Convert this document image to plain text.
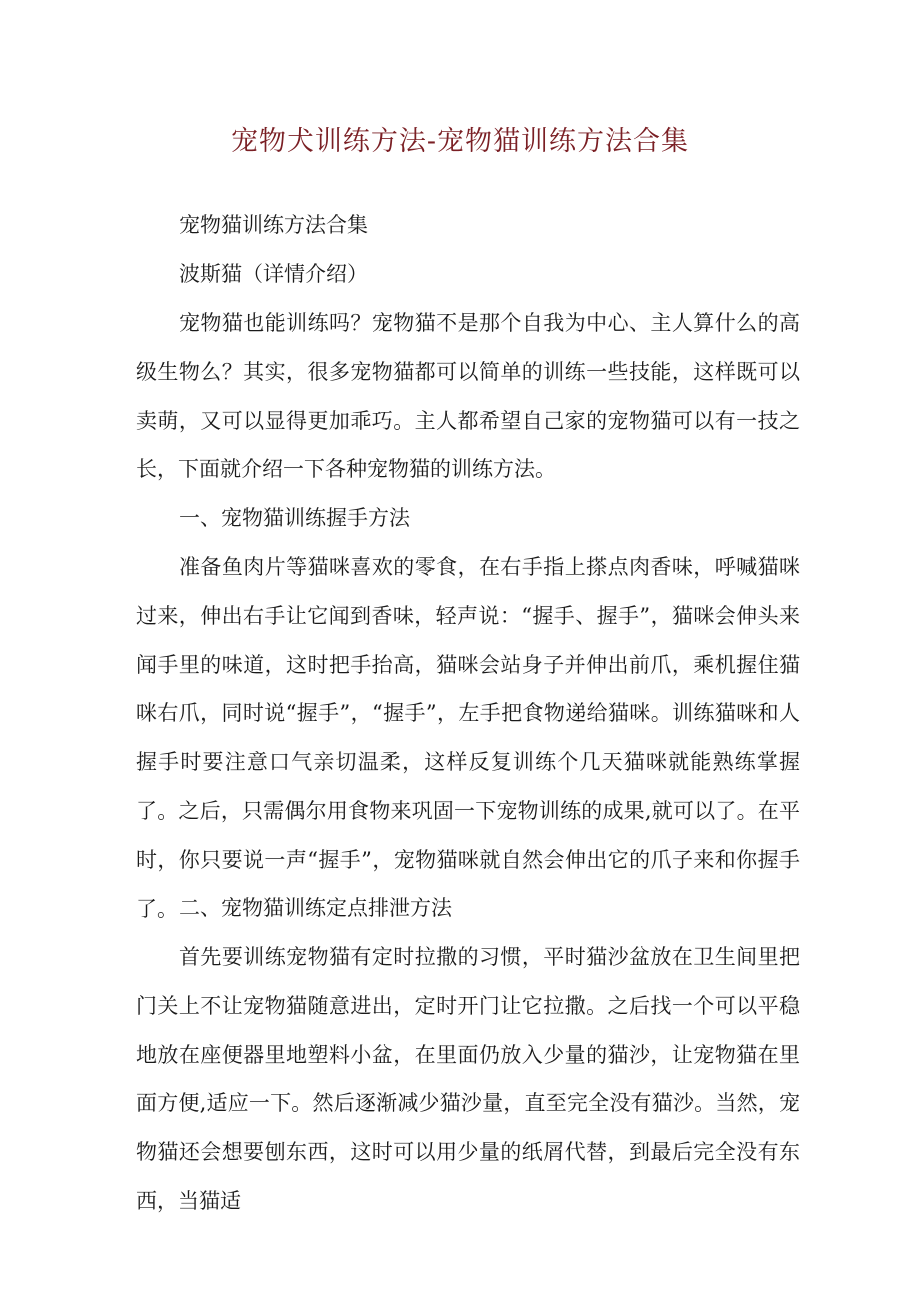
宠物犬训练方法-宠物猫训练方法合集

宠物猫训练方法合集

波斯猫（详情介绍）

宠物猫也能训练吗？宠物猫不是那个自我为中心、主人算什么的高级生物么？其实，很多宠物猫都可以简单的训练一些技能，这样既可以卖萌，又可以显得更加乖巧。主人都希望自己家的宠物猫可以有一技之长，下面就介绍一下各种宠物猫的训练方法。

一、宠物猫训练握手方法

准备鱼肉片等猫咪喜欢的零食，在右手指上搽点肉香味，呼喊猫咪过来，伸出右手让它闻到香味，轻声说：“握手、握手”，猫咪会伸头来闻手里的味道，这时把手抬高，猫咪会站身子并伸出前爪，乘机握住猫咪右爪，同时说“握手”，“握手”，左手把食物递给猫咪。训练猫咪和人握手时要注意口气亲切温柔，这样反复训练个几天猫咪就能熟练掌握了。之后，只需偶尔用食物来巩固一下宠物训练的成果,就可以了。在平时，你只要说一声“握手”，宠物猫咪就自然会伸出它的爪子来和你握手了。 二、宠物猫训练定点排泄方法

首先要训练宠物猫有定时拉撒的习惯，平时猫沙盆放在卫生间里把门关上不让宠物猫随意进出，定时开门让它拉撒。之后找一个可以平稳地放在座便器里地塑料小盆，在里面仍放入少量的猫沙，让宠物猫在里面方便,适应一下。然后逐渐减少猫沙量，直至完全没有猫沙。当然，宠物猫还会想要刨东西，这时可以用少量的纸屑代替，到最后完全没有东西，当猫适
